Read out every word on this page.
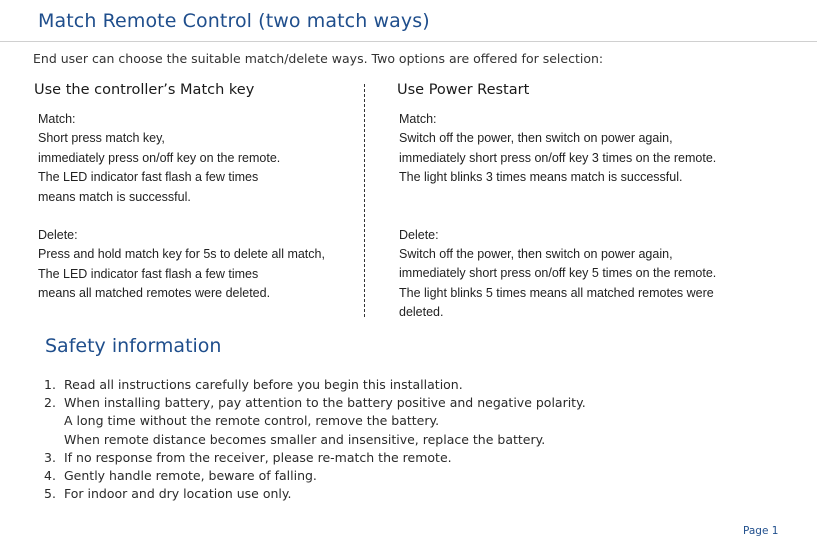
Match Remote Control (two match ways)
End user can choose the suitable match/delete ways. Two options are offered for selection:
Use the controller’s Match key	Use Power Restart
Match:
Short press match key,
immediately press on/off key on the remote.
The LED indicator fast flash a few times
means match is successful.
Delete:
Press and hold match key for 5s to delete all match,
The LED indicator fast flash a few times
means all matched remotes were deleted.
Match:
Switch off the power, then switch on power again,
immediately short press on/off key 3 times on the remote.
The light blinks 3 times means match is successful.
Delete:
Switch off the power, then switch on power again,
immediately short press on/off key 5 times on the remote.
The light blinks 5 times means all matched remotes were
deleted.
Safety information
1. Read all instructions carefully before you begin this installation.
2. When installing battery, pay attention to the battery positive and negative polarity.
A long time without the remote control, remove the battery.
When remote distance becomes smaller and insensitive, replace the battery.
3. If no response from the receiver, please re-match the remote.
4. Gently handle remote, beware of falling.
5. For indoor and dry location use only.
Page 1
